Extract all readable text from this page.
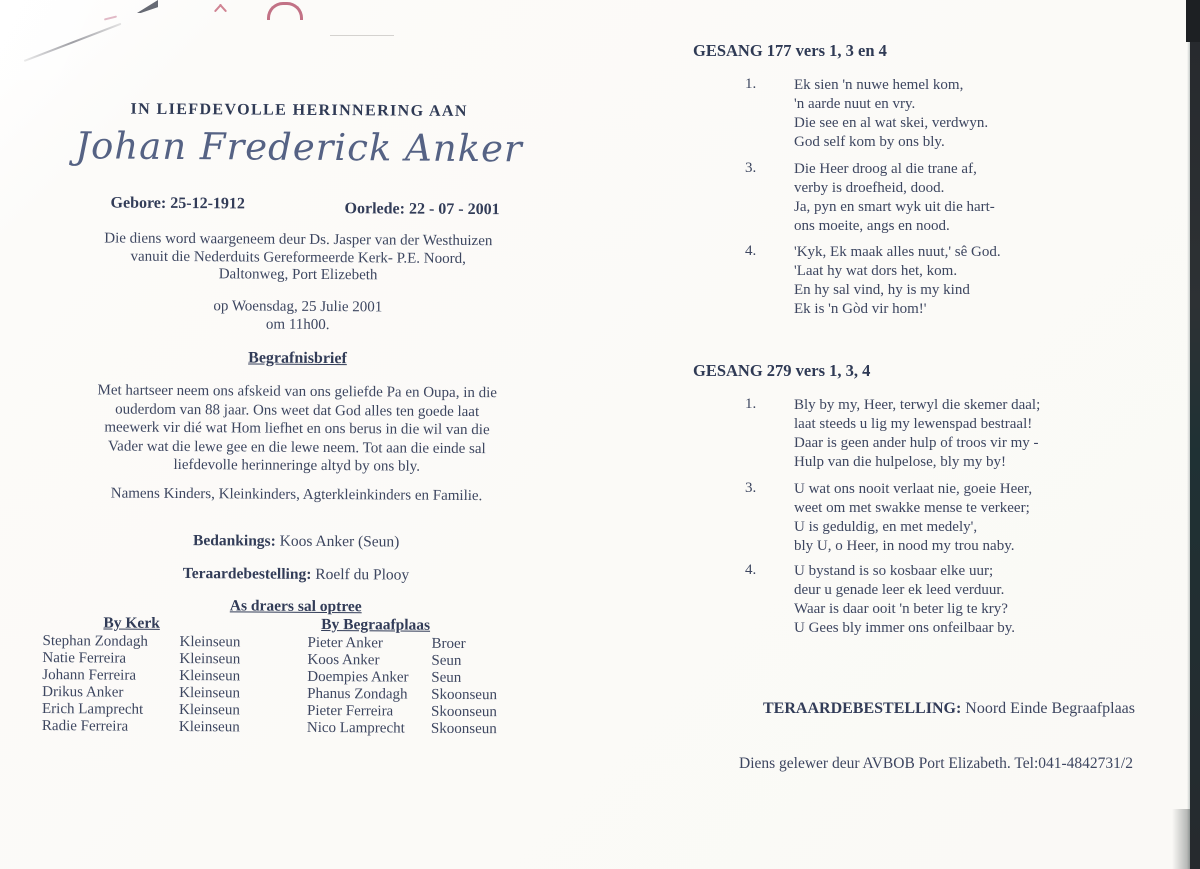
IN LIEFDEVOLLE HERINNERING AAN
Johan Frederick Anker
Gebore: 25-12-1912	Oorlede: 22 - 07 - 2001
Die diens word waargeneem deur Ds. Jasper van der Westhuizen
vanuit die Nederduits Gereformeerde Kerk- P.E. Noord,
Daltonweg, Port Elizebeth
op Woensdag, 25 Julie 2001
om 11h00.
Begrafnisbrief
Met hartseer neem ons afskeid van ons geliefde Pa en Oupa, in die
ouderdom van 88 jaar. Ons weet dat God alles ten goede laat
meewerk vir dié wat Hom liefhet en ons berus in die wil van die
Vader wat die lewe gee en die lewe neem. Tot aan die einde sal
liefdevolle herinneringe altyd by ons bly.
Namens Kinders, Kleinkinders, Agterkleinkinders en Familie.
Bedankings: Koos Anker (Seun)
Teraardebestelling: Roelf du Plooy
As draers sal optree
By Kerk	By Begraafplaas
Stephan Zondagh Kleinseun	Pieter Anker	Broer
Natie Ferreira	Kleinseun	Koos Anker	Seun
Johann Ferreira	Kleinseun	Doempies Anker Seun
Drikus Anker	Kleinseun	Phanus Zondagh Skoonseun
Erich Lamprecht Kleinseun	Pieter Ferreira	Skoonseun
Radie Ferreira	Kleinseun	Nico Lamprecht Skoonseun
GESANG 177 vers 1, 3 en 4
1.	Ek sien 'n nuwe hemel kom,
'n aarde nuut en vry.
Die see en al wat skei, verdwyn.
God self kom by ons bly.
3.	Die Heer droog al die trane af,
verby is droefheid, dood.
Ja, pyn en smart wyk uit die hart-
ons moeite, angs en nood.
4.	'Kyk, Ek maak alles nuut,' sê God.
'Laat hy wat dors het, kom.
En hy sal vind, hy is my kind
Ek is 'n Gòd vir hom!'
GESANG 279 vers 1, 3, 4
1.	Bly by my, Heer, terwyl die skemer daal;
laat steeds u lig my lewenspad bestraal!
Daar is geen ander hulp of troos vir my -
Hulp van die hulpelose, bly my by!
3.	U wat ons nooit verlaat nie, goeie Heer,
weet om met swakke mense te verkeer;
U is geduldig, en met medely',
bly U, o Heer, in nood my trou naby.
4.	U bystand is so kosbaar elke uur;
deur u genade leer ek leed verduur.
Waar is daar ooit 'n beter lig te kry?
U Gees bly immer ons onfeilbaar by.
TERAARDEBESTELLING: Noord Einde Begraafplaas
Diens gelewer deur AVBOB Port Elizabeth. Tel:041-4842731/2
